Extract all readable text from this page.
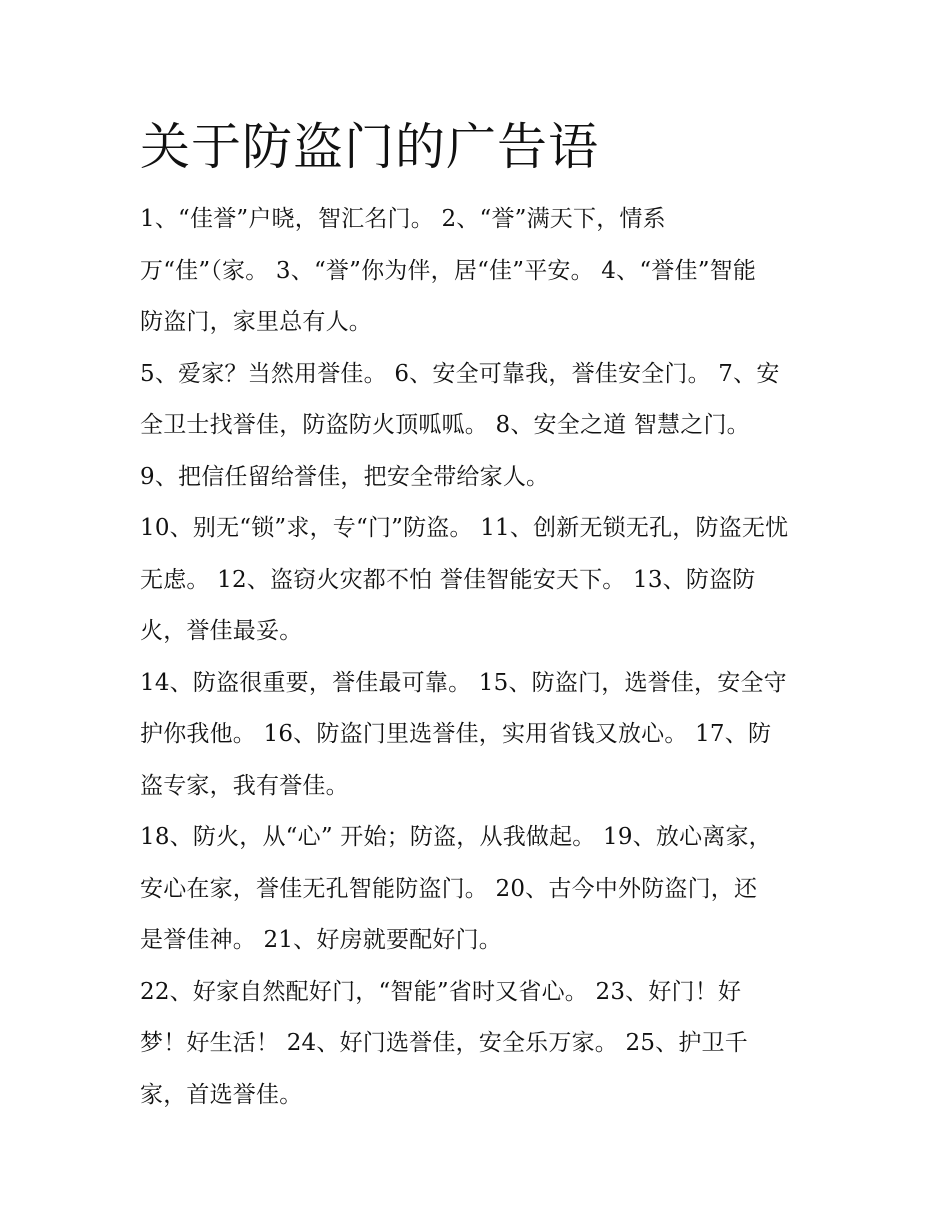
关于防盗门的广告语
1、“佳誉”户晓，智汇名门。 2、“誉”满天下，情系
万“佳”（家。 3、“誉”你为伴，居“佳”平安。 4、“誉佳”智能
防盗门，家里总有人。
5、爱家？当然用誉佳。 6、安全可靠我，誉佳安全门。 7、安
全卫士找誉佳，防盗防火顶呱呱。 8、安全之道 智慧之门。
9、把信任留给誉佳，把安全带给家人。
10、别无“锁”求，专“门”防盗。 11、创新无锁无孔，防盗无忧
无虑。 12、盗窃火灾都不怕 誉佳智能安天下。 13、防盗防
火，誉佳最妥。
14、防盗很重要，誉佳最可靠。 15、防盗门，选誉佳，安全守
护你我他。 16、防盗门里选誉佳，实用省钱又放心。 17、防
盗专家，我有誉佳。
18、防火，从“心” 开始；防盗，从我做起。 19、放心离家，
安心在家，誉佳无孔智能防盗门。 20、古今中外防盗门，还
是誉佳神。 21、好房就要配好门。
22、好家自然配好门，“智能”省时又省心。 23、好门！好
梦！好生活！ 24、好门选誉佳，安全乐万家。 25、护卫千
家，首选誉佳。
